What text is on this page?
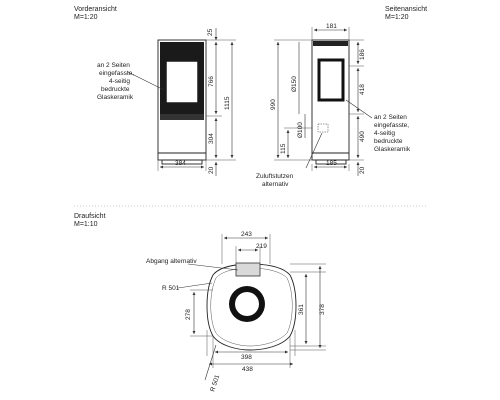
Vorderansicht
M=1:20
Seitenansicht
M=1:20
Draufsicht
M=1:10
25
766
1115
304
20
384
an 2 Seiten
eingefasste,
4-seitig
bedruckte
Glaskeramik
181
990
115
Ø150
Ø100
186
418
490
20
185
an 2 Seiten
eingefasste,
4-seitig
bedruckte
Glaskeramik
Zuluftstutzen
alternativ
243
219
Abgang alternativ
R 501
278	361 378
398
438
R 501
